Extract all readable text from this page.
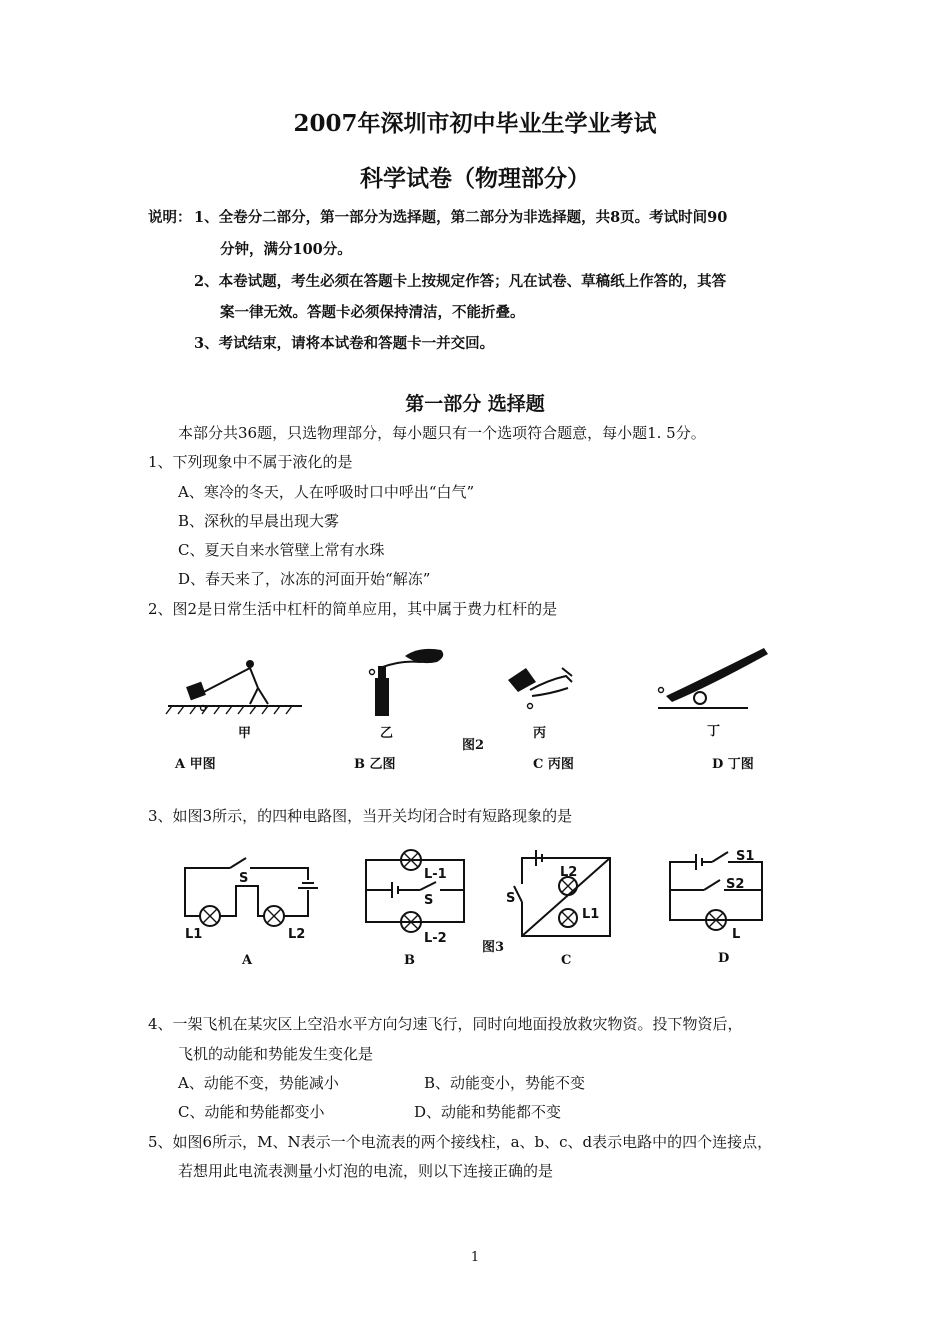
2007年深圳市初中毕业生学业考试
科学试卷（物理部分）
说明： 1、全卷分二部分，第一部分为选择题，第二部分为非选择题，共8页。考试时间90
分钟，满分100分。
2、本卷试题，考生必须在答题卡上按规定作答；凡在试卷、草稿纸上作答的，其答
案一律无效。答题卡必须保持清洁，不能折叠。
3、考试结束，请将本试卷和答题卡一并交回。
第一部分 选择题
本部分共36题，只选物理部分，每小题只有一个选项符合题意，每小题1. 5分。
1、下列现象中不属于液化的是
A、寒冷的冬天，人在呼吸时口中呼出“白气”
B、深秋的早晨出现大雾
C、夏天自来水管壁上常有水珠
D、春天来了，冰冻的河面开始“解冻”
2、图2是日常生活中杠杆的简单应用，其中属于费力杠杆的是
甲	乙
图2
丙	丁
A 甲图	B 乙图	C 丙图	D 丁图
3、如图3所示，的四种电路图，当开关均闭合时有短路现象的是
S
L1	L2
L-1
S
L-2
S
L2
L1
S1
S2
L
A	B
图3
C	D
4、一架飞机在某灾区上空沿水平方向匀速飞行，同时向地面投放救灾物资。投下物资后，
飞机的动能和势能发生变化是
A、动能不变，势能减小	B、动能变小，势能不变
C、动能和势能都变小	D、动能和势能都不变
5、如图6所示，M、N表示一个电流表的两个接线柱，a、b、c、d表示电路中的四个连接点，
若想用此电流表测量小灯泡的电流，则以下连接正确的是
1
